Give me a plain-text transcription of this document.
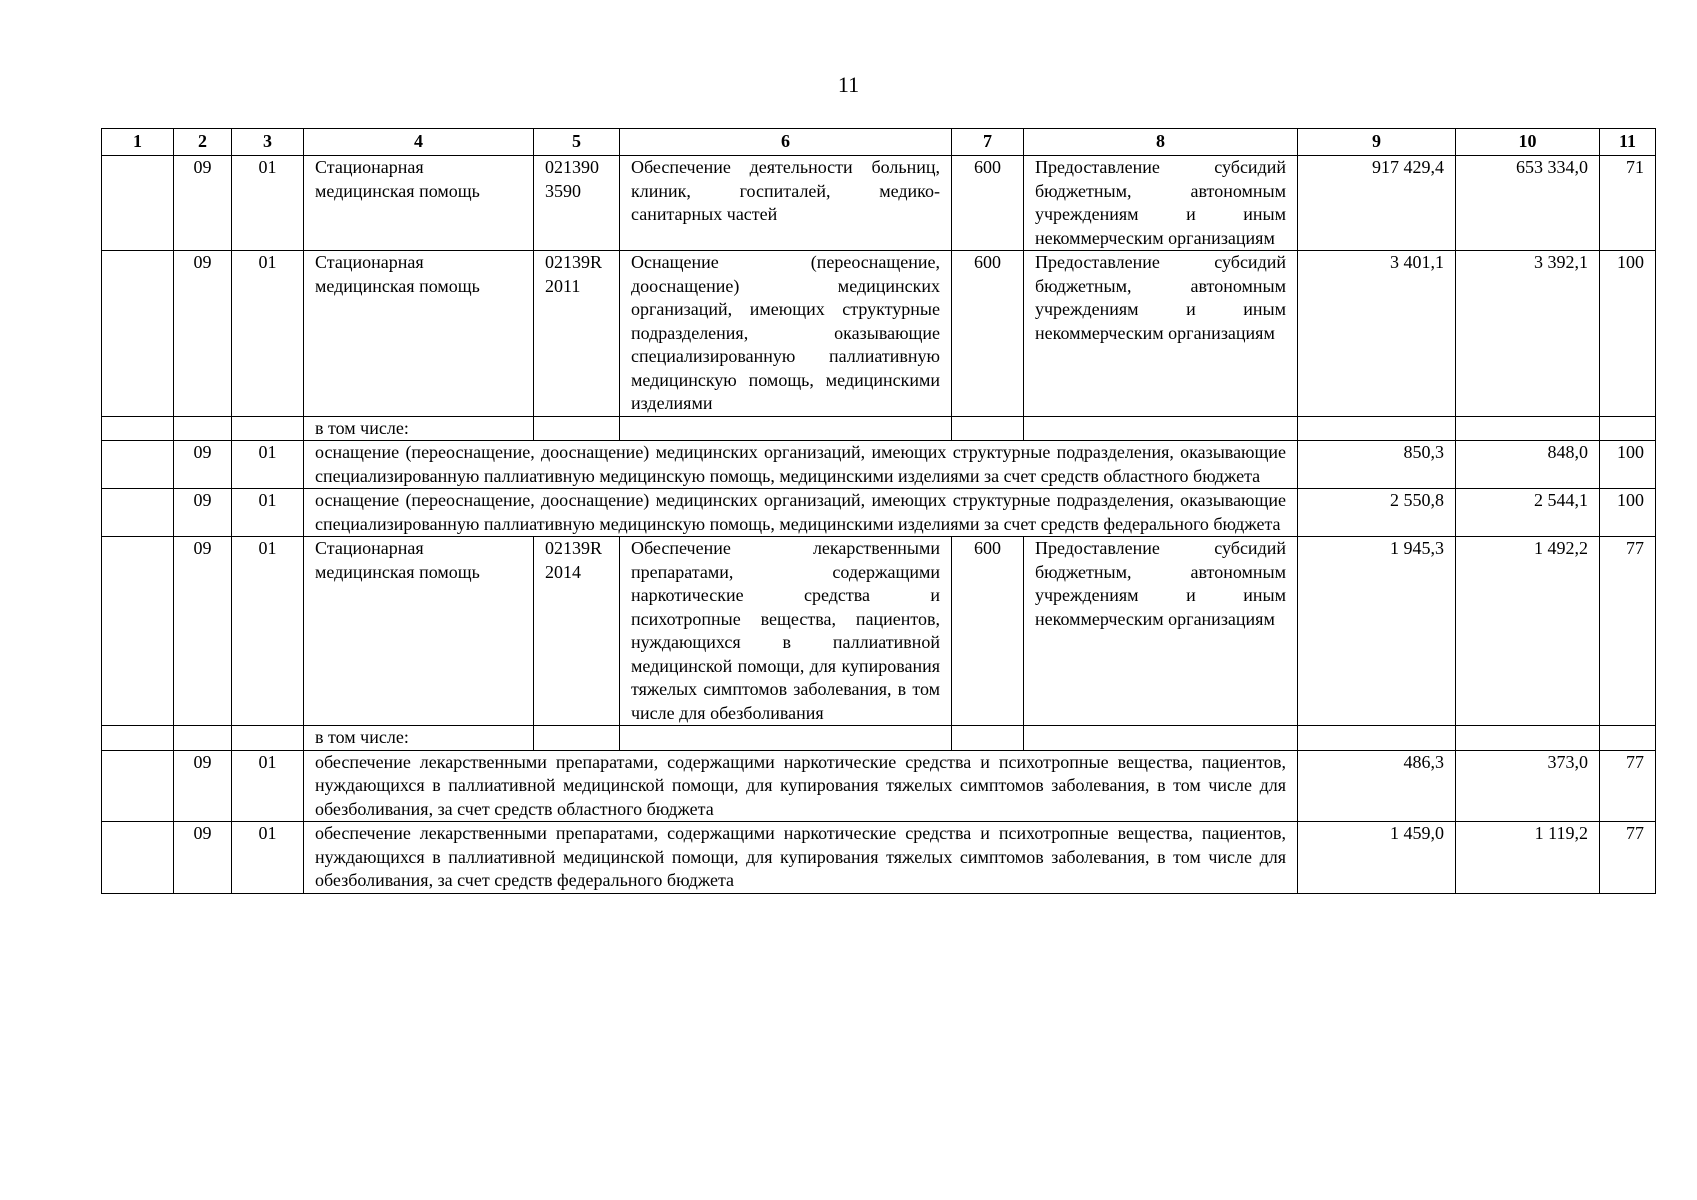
11
1	2	3	4	5	6	7	8	9	10	11
	09	01	Стационарная медицинская помощь	021390 3590	Обеспечение деятельности больниц, клиник, госпиталей, медико-санитарных частей	600	Предоставление субсидий бюджетным, автономным учреждениям и иным некоммерческим организациям	917 429,4	653 334,0	71
	09	01	Стационарная медицинская помощь	02139R 2011	Оснащение (переоснащение, дооснащение) медицинских организаций, имеющих структурные подразделения, оказывающие специализированную паллиативную медицинскую помощь, медицинскими изделиями	600	Предоставление субсидий бюджетным, автономным учреждениям и иным некоммерческим организациям	3 401,1	3 392,1	100
			в том числе:							
	09	01	оснащение (переоснащение, дооснащение) медицинских организаций, имеющих структурные подразделения, оказывающие специализированную паллиативную медицинскую помощь, медицинскими изделиями за счет средств областного бюджета					850,3	848,0	100
	09	01	оснащение (переоснащение, дооснащение) медицинских организаций, имеющих структурные подразделения, оказывающие специализированную паллиативную медицинскую помощь, медицинскими изделиями за счет средств федерального бюджета					2 550,8	2 544,1	100
	09	01	Стационарная медицинская помощь	02139R 2014	Обеспечение лекарственными препаратами, содержащими наркотические средства и психотропные вещества, пациентов, нуждающихся в паллиативной медицинской помощи, для купирования тяжелых симптомов заболевания, в том числе для обезболивания	600	Предоставление субсидий бюджетным, автономным учреждениям и иным некоммерческим организациям	1 945,3	1 492,2	77
			в том числе:							
	09	01	обеспечение лекарственными препаратами, содержащими наркотические средства и психотропные вещества, пациентов, нуждающихся в паллиативной медицинской помощи, для купирования тяжелых симптомов заболевания, в том числе для обезболивания, за счет средств областного бюджета					486,3	373,0	77
	09	01	обеспечение лекарственными препаратами, содержащими наркотические средства и психотропные вещества, пациентов, нуждающихся в паллиативной медицинской помощи, для купирования тяжелых симптомов заболевания, в том числе для обезболивания, за счет средств федерального бюджета					1 459,0	1 119,2	77
